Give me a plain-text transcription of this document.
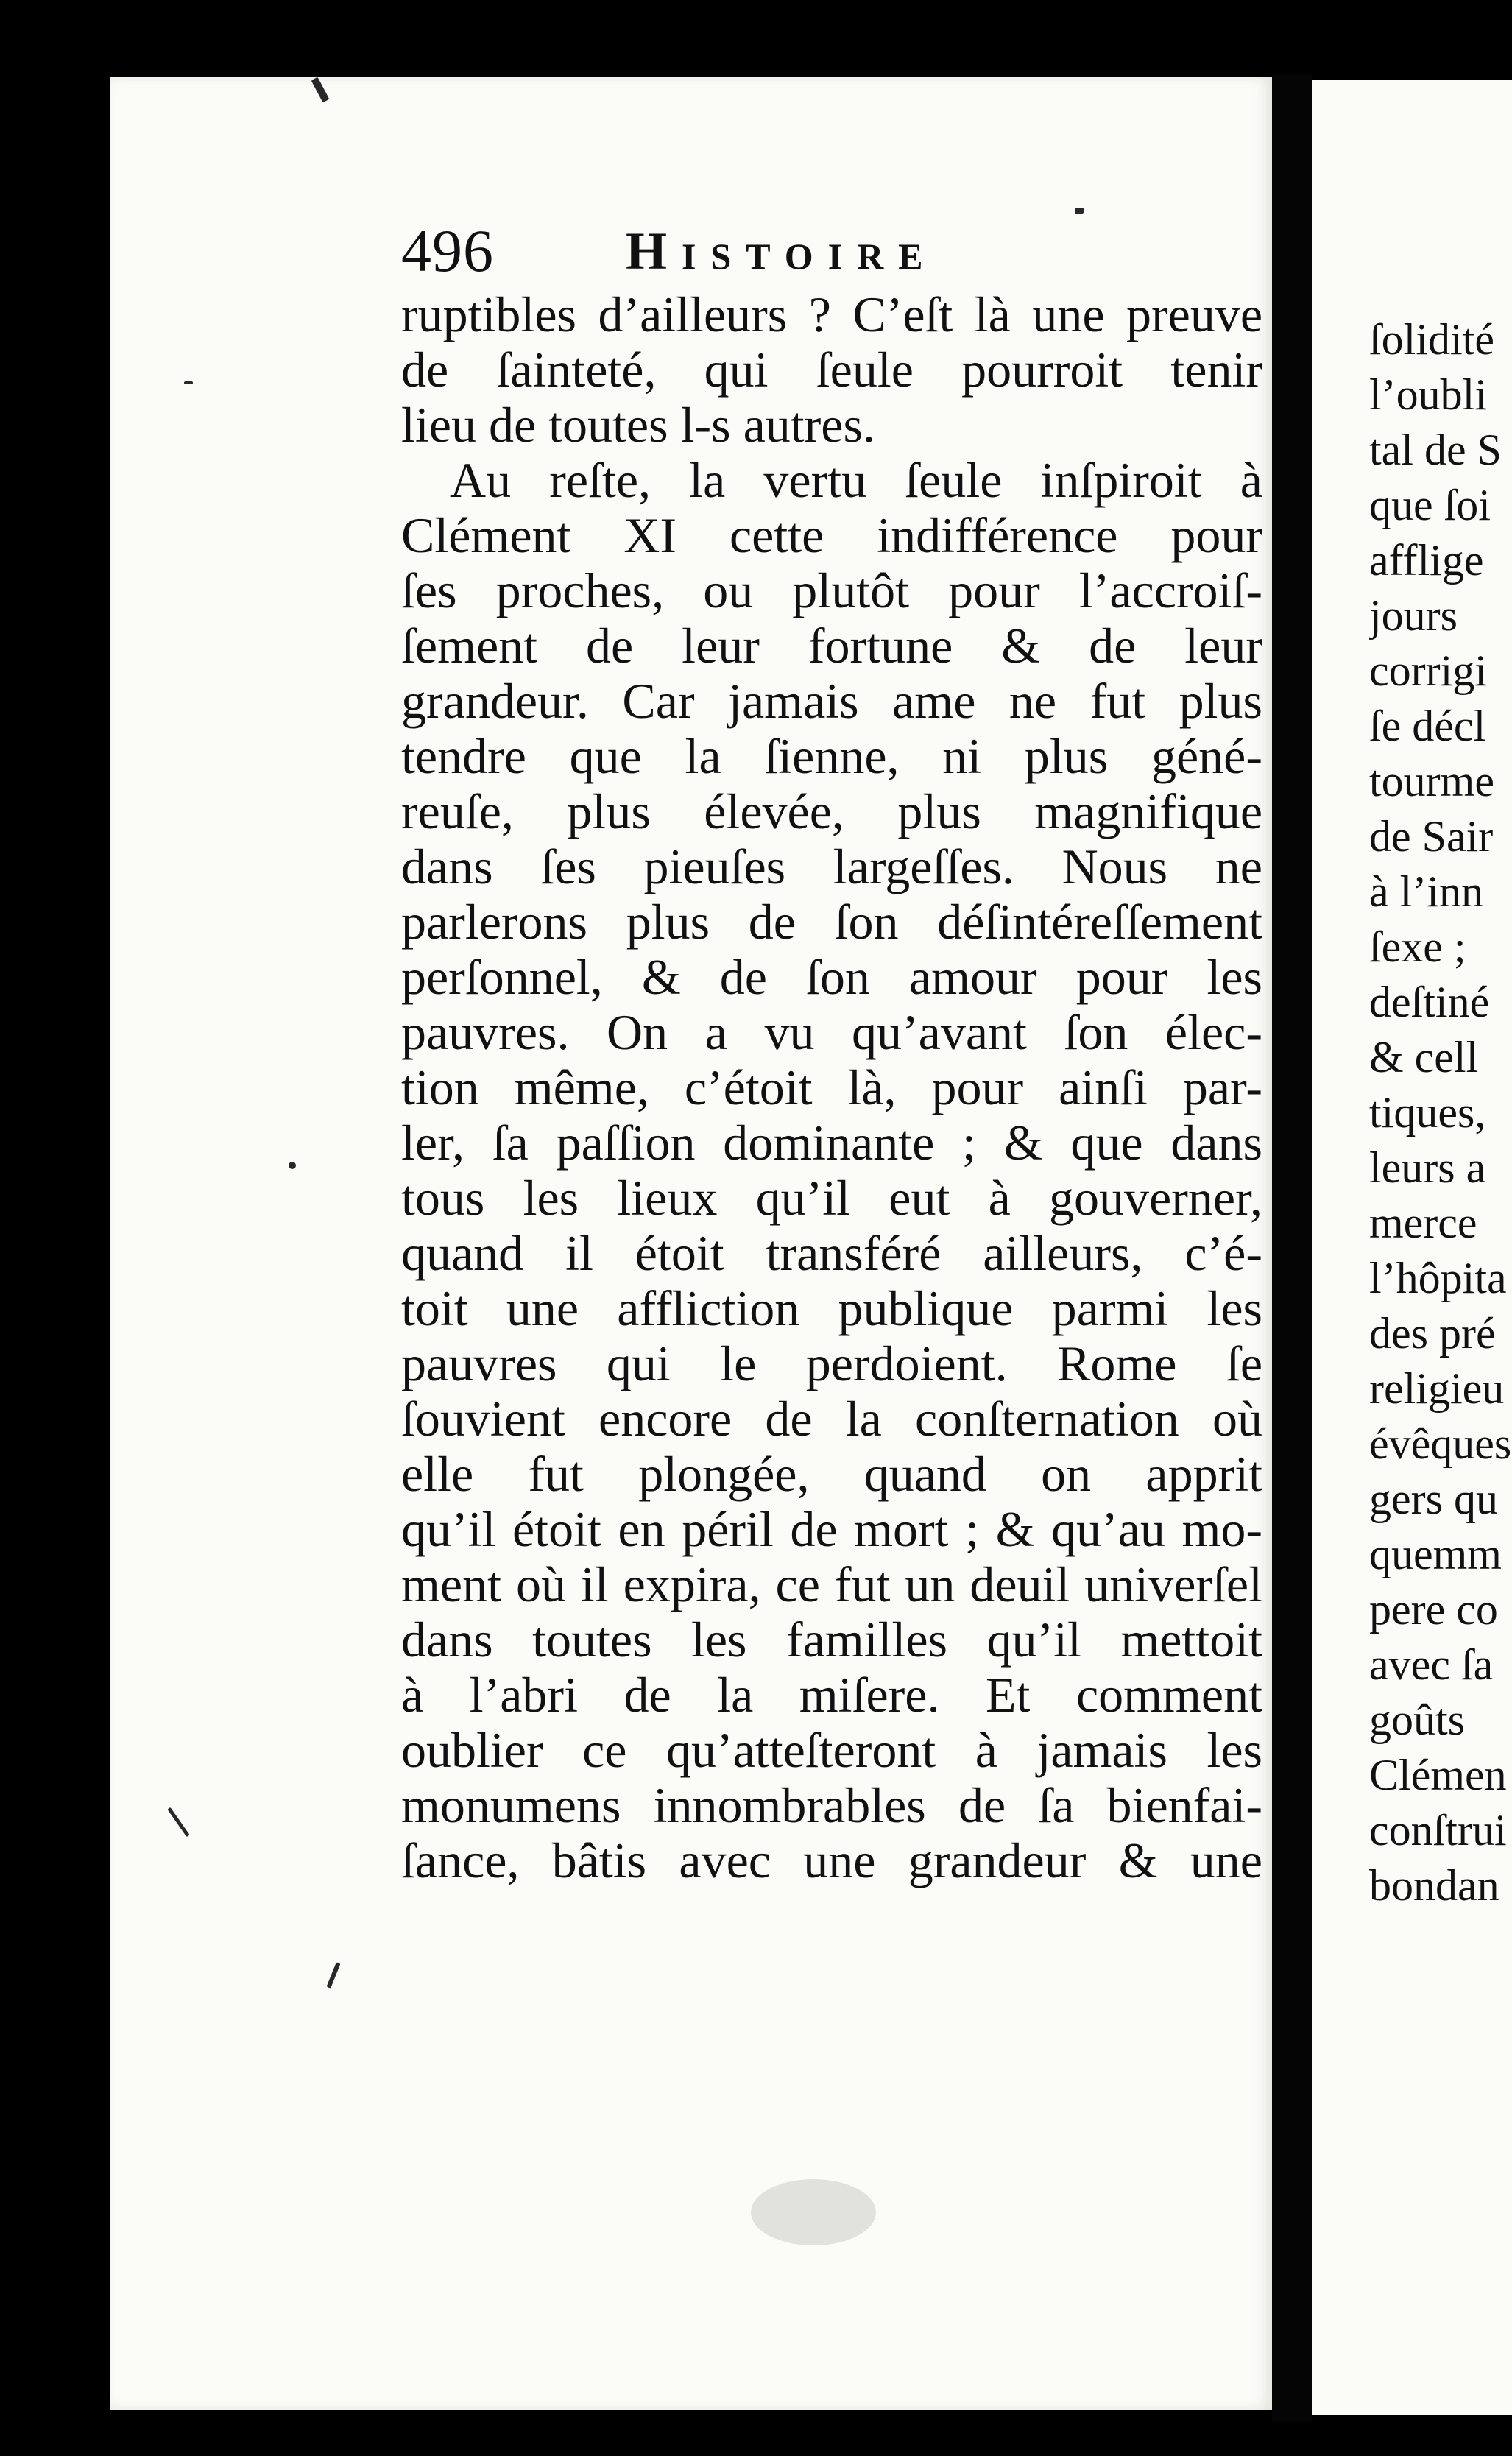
496 Histoire
ruptibles d’ailleurs ? C’eſt là une preuve
de ſainteté, qui ſeule pourroit tenir
lieu de toutes l-s autres.
Au reſte, la vertu ſeule inſpiroit à
Clément XI cette indifférence pour
ſes proches, ou plutôt pour l’accroiſ-
ſement de leur fortune & de leur
grandeur. Car jamais ame ne fut plus
tendre que la ſienne, ni plus géné-
reuſe, plus élevée, plus magnifique
dans ſes pieuſes largeſſes. Nous ne
parlerons plus de ſon déſintéreſſement
perſonnel, & de ſon amour pour les
pauvres. On a vu qu’avant ſon élec-
tion même, c’étoit là, pour ainſi par-
ler, ſa paſſion dominante ; & que dans
tous les lieux qu’il eut à gouverner,
quand il étoit transféré ailleurs, c’é-
toit une affliction publique parmi les
pauvres qui le perdoient. Rome ſe
ſouvient encore de la conſternation où
elle fut plongée, quand on apprit
qu’il étoit en péril de mort ; & qu’au mo-
ment où il expira, ce fut un deuil univerſel
dans toutes les familles qu’il mettoit
à l’abri de la miſere. Et comment
oublier ce qu’atteſteront à jamais les
monumens innombrables de ſa bienfai-
ſance, bâtis avec une grandeur & une
ſolidité
l’oubli
tal de S
que ſoi
afflige
jours
corrigi
ſe décl
tourme
de Sair
à l’inn
ſexe ;
deſtiné
& cell
tiques,
leurs a
merce
l’hôpita
des pré
religieu
évêques
gers qu
quemm
pere co
avec ſa
goûts
Clémen
conſtrui
bondan
